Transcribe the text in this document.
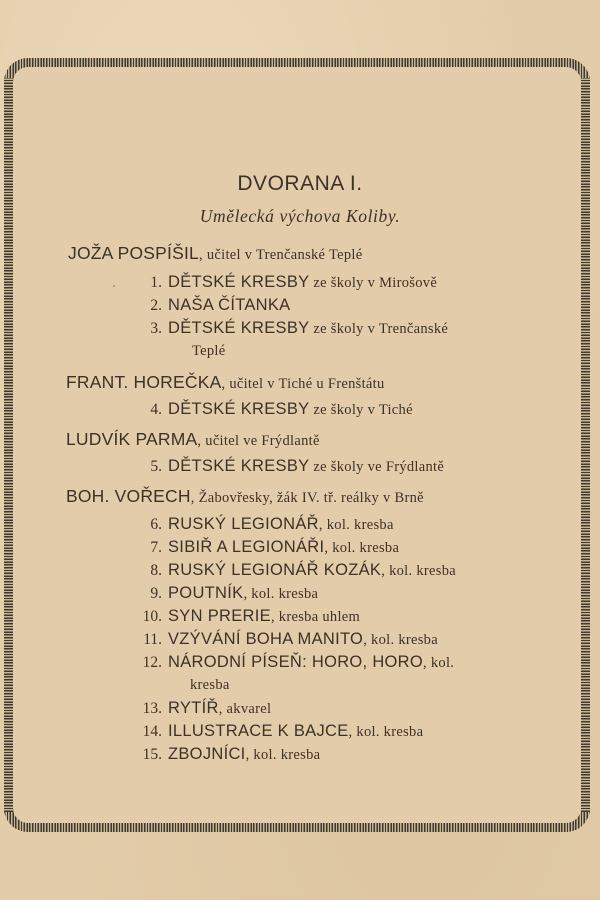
DVORANA I.
Umělecká výchova Koliby.
JOŽA POSPÍŠIL, učitel v Trenčanské Teplé
1. DĚTSKÉ KRESBY ze školy v Mirošově
2. NAŠA ČÍTANKA
3. DĚTSKÉ KRESBY ze školy v Trenčanské
Teplé
FRANT. HOREČKA, učitel v Tiché u Frenštátu
4. DĚTSKÉ KRESBY ze školy v Tiché
LUDVÍK PARMA, učitel ve Frýdlantě
5. DĚTSKÉ KRESBY ze školy ve Frýdlantě
BOH. VOŘECH, Žabovřesky, žák IV. tř. reálky v Brně
6. RUSKÝ LEGIONÁŘ, kol. kresba
7. SIBIŘ A LEGIONÁŘI, kol. kresba
8. RUSKÝ LEGIONÁŘ KOZÁK, kol. kresba
9. POUTNÍK, kol. kresba
10. SYN PRERIE, kresba uhlem
11. VZÝVÁNÍ BOHA MANITO, kol. kresba
12. NÁRODNÍ PÍSEŇ: HORO, HORO, kol.
kresba
13. RYTÍŘ, akvarel
14. ILLUSTRACE K BAJCE, kol. kresba
15. ZBOJNÍCI, kol. kresba
